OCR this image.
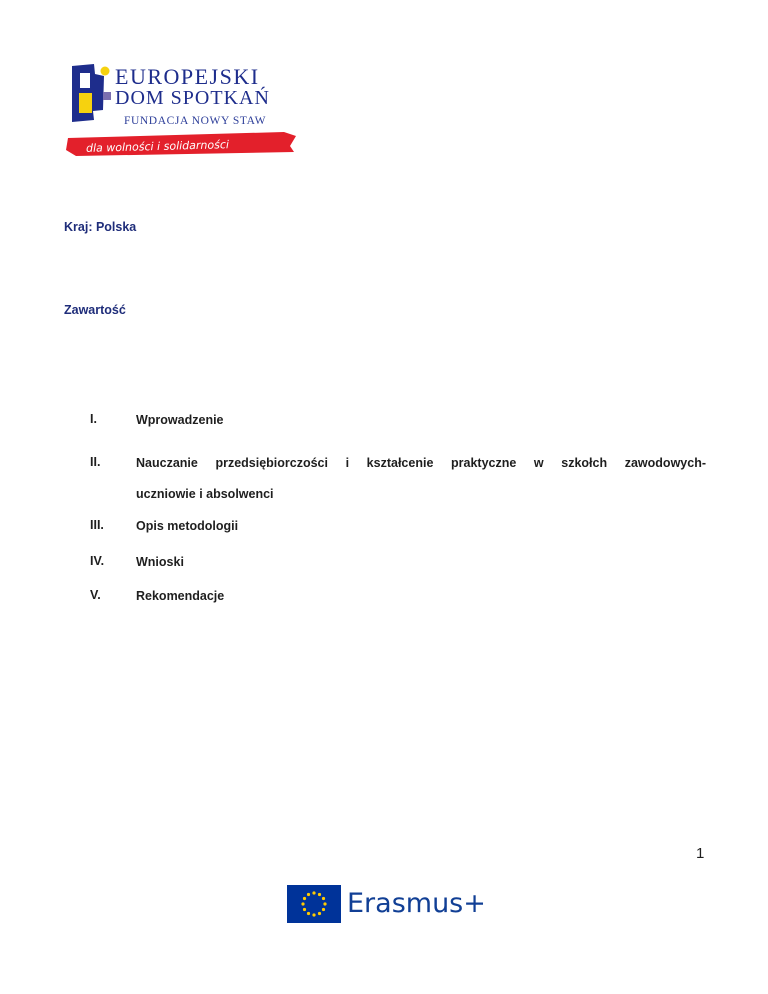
EUROPEJSKI
DOM SPOTKAŃ
FUNDACJA NOWY STAW
dla wolności i solidarności
Kraj: Polska
Zawartość
I.	Wprowadzenie
II.	Nauczanie przedsiębiorczości i kształcenie praktyczne w szkołch zawodowych-
uczniowie i absolwenci
III.	Opis metodologii
IV.	Wnioski
V.	Rekomendacje
1
Erasmus+
